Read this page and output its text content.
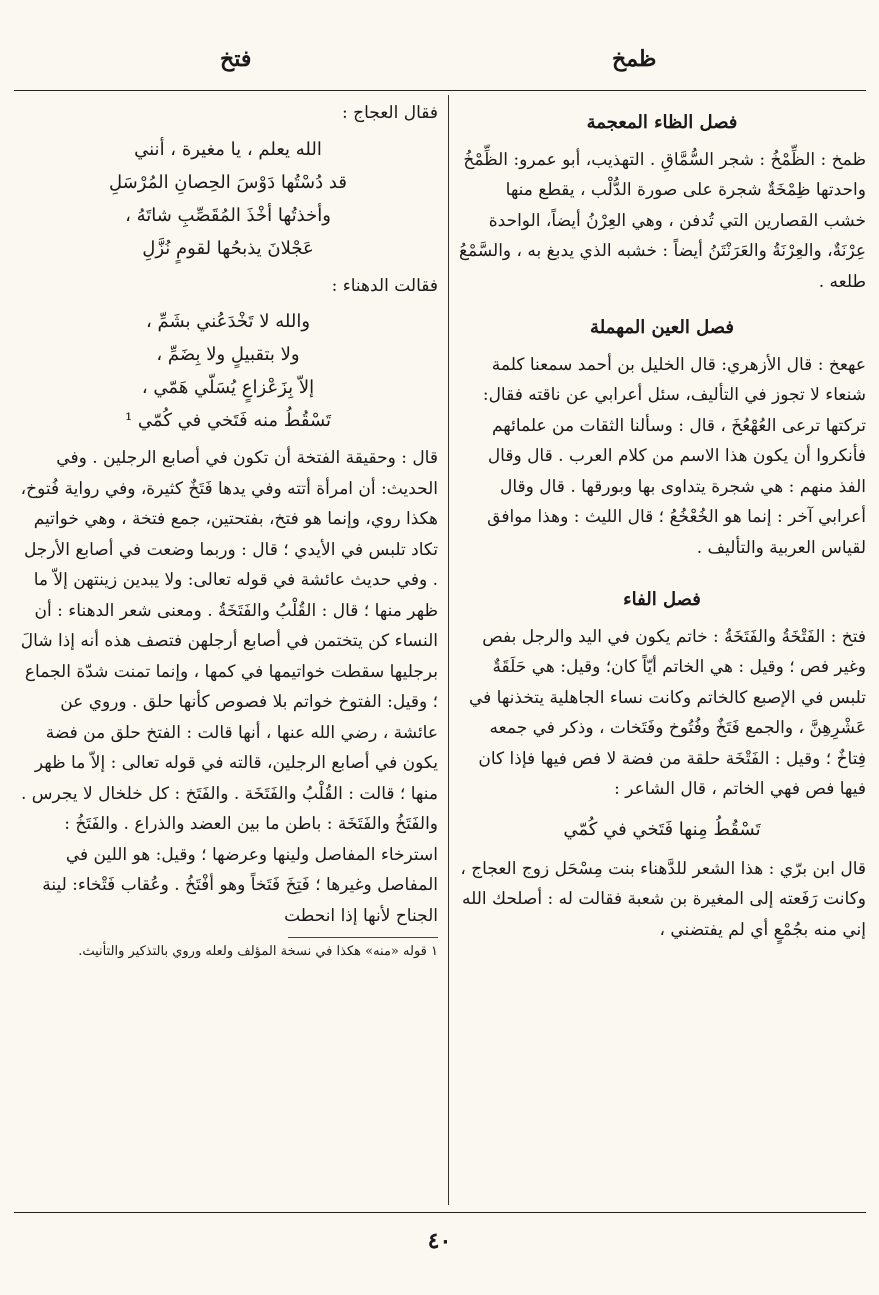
فتخ	ظمخ

فصل الظاء المعجمة

ظمخ : الظِّمْخُ : شجر السُّمَّاقِ . التهذيب، أبو عمرو: الظِّمْخُ واحدتها ظِمْخَةٌ شجرة على صورة الدُّلْب ، يقطع منها خشب القصارين التي تُدفن ، وهي العِرْنُ أيضاً، الواحدة عِرْنَةٌ، والعِرْنَةُ والعَرَنْتَنُ أيضاً : خشبه الذي يدبغ به ، والسَّمْعُ طلعه .

فصل العين المهملة

عهعخ : قال الأزهري: قال الخليل بن أحمد سمعنا كلمة شنعاء لا تجوز في التأليف، سئل أعرابي عن ناقته فقال: تركتها ترعى العُهْعُخَ ، قال : وسألنا الثقات من علمائهم فأنكروا أن يكون هذا الاسم من كلام العرب . قال وقال الفذ منهم : هي شجرة يتداوى بها وبورقها . قال وقال أعرابي آخر : إنما هو الخُعْخُعُ ؛ قال الليث : وهذا موافق لقياس العربية والتأليف .

فصل الفاء

فتخ : الفَتْخَةُ والفَتَخَةُ : خاتم يكون في اليد والرجل بفص وغير فص ؛ وقيل : هي الخاتم أيّاً كان؛ وقيل: هي حَلَقَةٌ تلبس في الإصبع كالخاتم وكانت نساء الجاهلية يتخذنها في عَشْرِهِنَّ ، والجمع فَتَخٌ وفُتُوخ وفَتَخات ، وذكر في جمعه فِتاخٌ ؛ وقيل : الفَتْخَة حلقة من فضة لا فص فيها فإذا كان فيها فص فهي الخاتم ، قال الشاعر :

تَسْقُطُ مِنها فَتَخي في كُمّي

قال ابن برّي : هذا الشعر للدَّهناء بنت مِسْحَل زوج العجاج ، وكانت رَفَعته إلى المغيرة بن شعبة فقالت له : أصلحك الله إني منه بجُمْعٍ أي لم يفتضني ،

فقال العجاج :

الله يعلم ، يا مغيرة ، أنني

قد دُسْتُها دَوْسَ الحِصانِ المُرْسَلِ

وأخذتُها أخْذَ المُقَصِّبِ شاتَهُ ،

عَجْلانَ يذبحُها لقومٍ نُزَّلِ

فقالت الدهناء :

والله لا تَخْدَعُني بشَمِّ ،

ولا بتقبيلٍ ولا بِضَمِّ ،

إلاّ بِزَعْزاعٍ يُسَلّي هَمّي ،

تَسْقُطُ منه فَتَخي في كُمّي ¹

قال : وحقيقة الفتخة أن تكون في أصابع الرجلين . وفي الحديث: أن امرأة أتته وفي يدها فَتَخٌ كثيرة، وفي رواية فُتوخ، هكذا روي، وإنما هو فتخ، بفتحتين، جمع فتخة ، وهي خواتيم تكاد تلبس في الأيدي ؛ قال : وربما وضعت في أصابع الأرجل . وفي حديث عائشة في قوله تعالى: ولا يبدين زينتهن إلاّ ما ظهر منها ؛ قال : القُلْبُ والفَتَخَةُ . ومعنى شعر الدهناء : أن النساء كن يتختمن في أصابع أرجلهن فتصف هذه أنه إذا شالَ برجليها سقطت خواتيمها في كمها ، وإنما تمنت شدّة الجماع ؛ وقيل: الفتوخ خواتم بلا فصوص كأنها حلق . وروي عن عائشة ، رضي الله عنها ، أنها قالت : الفتخ حلق من فضة يكون في أصابع الرجلين، قالته في قوله تعالى : إلاّ ما ظهر منها ؛ قالت : القُلْبُ والفَتَخَة . والفَتَخ : كل خلخال لا يجرس . والفَتَخُ والفَتَخَة : باطن ما بين العضد والذراع . والفَتَخُ : استرخاء المفاصل ولينها وعرضها ؛ وقيل: هو اللين في المفاصل وغيرها ؛ فَتِخَ فَتَخاً وهو أفْتَخُ . وعُقاب فَتْخاء: لينة الجناح لأنها إذا انحطت

١ قوله «منه» هكذا في نسخة المؤلف ولعله وروي بالتذكير والتأنيث.

٤٠
